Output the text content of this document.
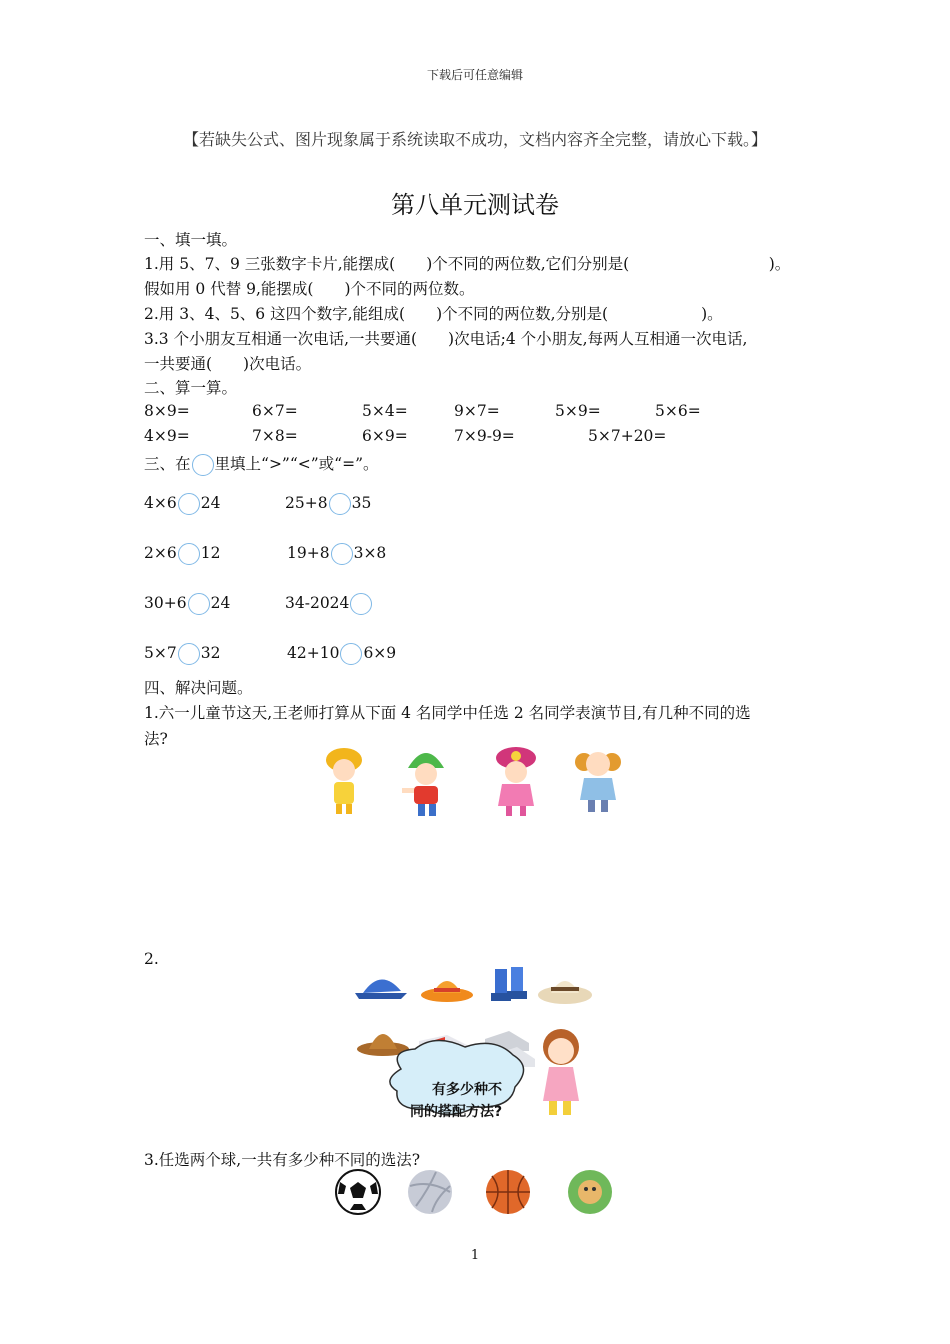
下载后可任意编辑
【若缺失公式、图片现象属于系统读取不成功，文档内容齐全完整，请放心下载。】
第八单元测试卷
一、填一填。
1.用 5、7、9 三张数字卡片,能摆成(　　)个不同的两位数,它们分别是(　　　　　　　　　)。
假如用 0 代替 9,能摆成(　　)个不同的两位数。
2.用 3、4、5、6 这四个数字,能组成(　　)个不同的两位数,分别是(　　　　　　)。
3.3 个小朋友互相通一次电话,一共要通(　　)次电话;4 个小朋友,每两人互相通一次电话,
一共要通(　　)次电话。
二、算一算。
8×9=	6×7=	5×4=	9×7=	5×9=	5×6=
4×9=	7×8=	6×9=	7×9-9=	5×7+20=
三、在 里填上“>”“<”或“=”。
4×6 24	25+8 35
2×6 12	19+8 3×8
30+6 24	34-2024
5×7 32	42+10 6×9
四、解决问题。
1.六一儿童节这天,王老师打算从下面 4 名同学中任选 2 名同学表演节目,有几种不同的选
法?
2.
有多少种不
同的搭配方法?
3.任选两个球,一共有多少种不同的选法?
1
